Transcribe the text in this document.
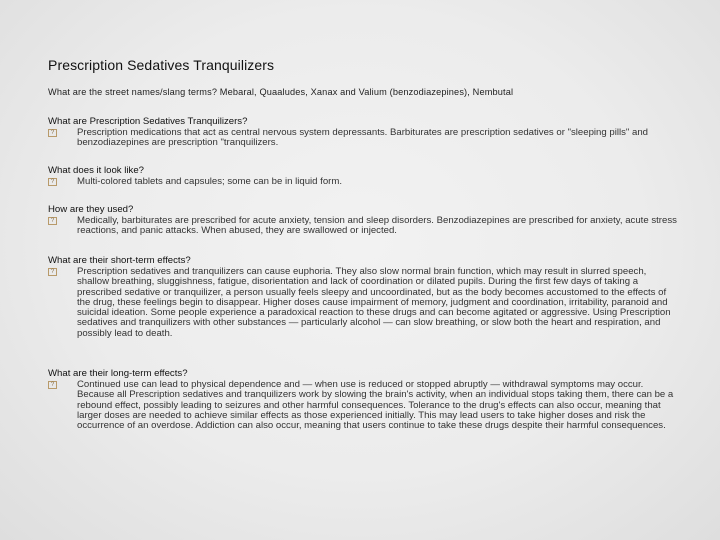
Prescription Sedatives Tranquilizers
What are the street names/slang terms? Mebaral, Quaaludes, Xanax and Valium (benzodiazepines), Nembutal
What are Prescription Sedatives Tranquilizers?
? Prescription medications that act as central nervous system depressants. Barbiturates are prescription sedatives or "sleeping pills" and benzodiazepines are prescription "tranquilizers.
What does it look like?
? Multi-colored tablets and capsules; some can be in liquid form.
How are they used?
? Medically, barbiturates are prescribed for acute anxiety, tension and sleep disorders. Benzodiazepines are prescribed for anxiety, acute stress reactions, and panic attacks. When abused, they are swallowed or injected.
What are their short-term effects?
? Prescription sedatives and tranquilizers can cause euphoria. They also slow normal brain function, which may result in slurred speech, shallow breathing, sluggishness, fatigue, disorientation and lack of coordination or dilated pupils. During the first few days of taking a prescribed sedative or tranquilizer, a person usually feels sleepy and uncoordinated, but as the body becomes accustomed to the effects of the drug, these feelings begin to disappear. Higher doses cause impairment of memory, judgment and coordination, irritability, paranoid and suicidal ideation. Some people experience a paradoxical reaction to these drugs and can become agitated or aggressive. Using Prescription sedatives and tranquilizers with other substances — particularly alcohol — can slow breathing, or slow both the heart and respiration, and possibly lead to death.
What are their long-term effects?
? Continued use can lead to physical dependence and — when use is reduced or stopped abruptly — withdrawal symptoms may occur. Because all Prescription sedatives and tranquilizers work by slowing the brain's activity, when an individual stops taking them, there can be a rebound effect, possibly leading to seizures and other harmful consequences. Tolerance to the drug's effects can also occur, meaning that larger doses are needed to achieve similar effects as those experienced initially. This may lead users to take higher doses and risk the occurrence of an overdose. Addiction can also occur, meaning that users continue to take these drugs despite their harmful consequences.
